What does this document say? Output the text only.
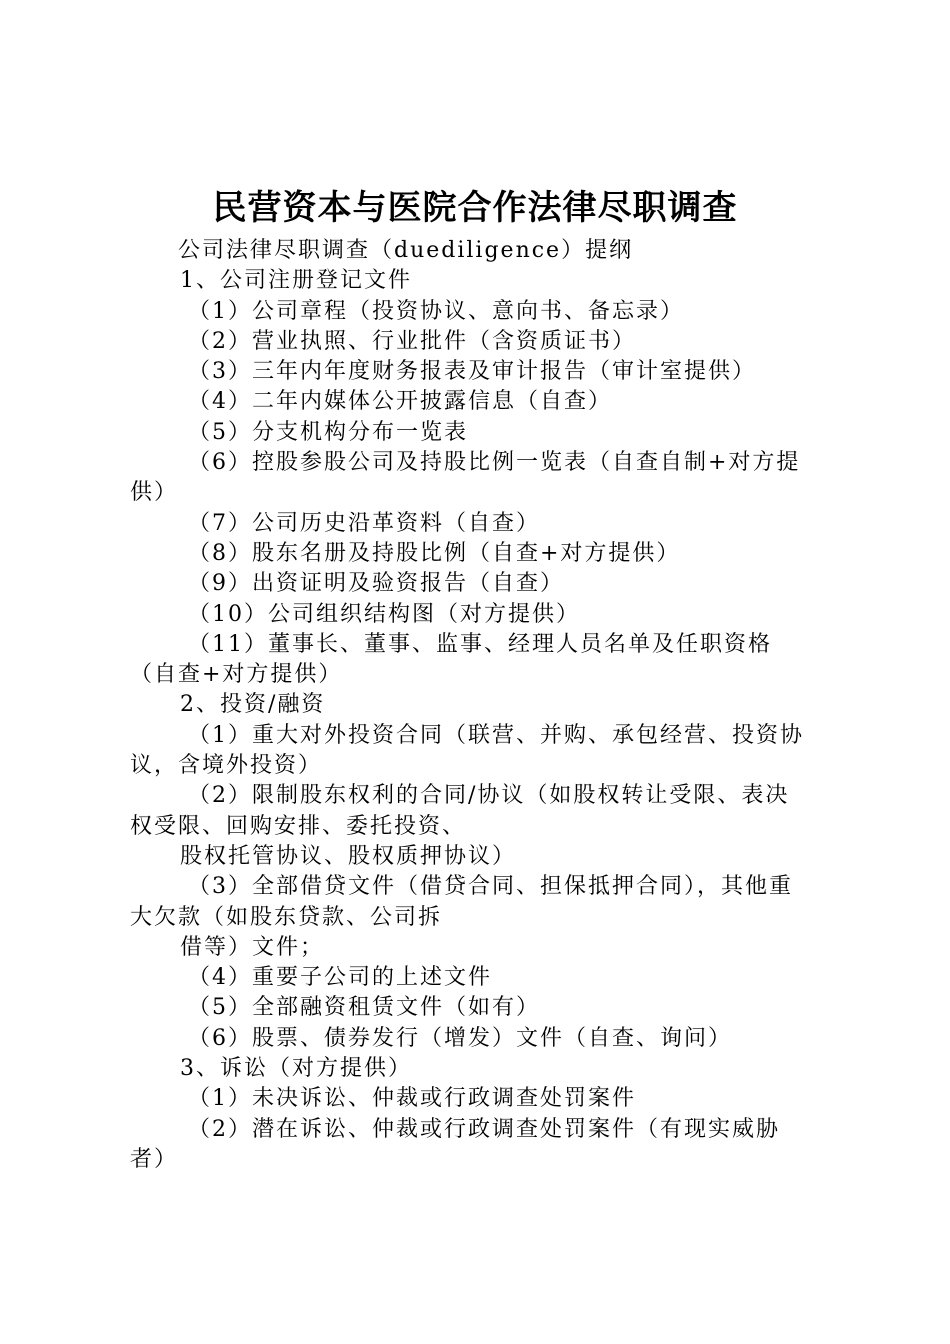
民营资本与医院合作法律尽职调查
公司法律尽职调查（duediligence）提纲
1、公司注册登记文件
（1）公司章程（投资协议、意向书、备忘录）
（2）营业执照、行业批件（含资质证书）
（3）三年内年度财务报表及审计报告（审计室提供）
（4）二年内媒体公开披露信息（自查）
（5）分支机构分布一览表
（6）控股参股公司及持股比例一览表（自查自制+对方提
供）
（7）公司历史沿革资料（自查）
（8）股东名册及持股比例（自查+对方提供）
（9）出资证明及验资报告（自查）
（10）公司组织结构图（对方提供）
（11）董事长、董事、监事、经理人员名单及任职资格
（自查+对方提供）
2、投资/融资
（1）重大对外投资合同（联营、并购、承包经营、投资协
议，含境外投资）
（2）限制股东权利的合同/协议（如股权转让受限、表决
权受限、回购安排、委托投资、
股权托管协议、股权质押协议）
（3）全部借贷文件（借贷合同、担保抵押合同），其他重
大欠款（如股东贷款、公司拆
借等）文件；
（4）重要子公司的上述文件
（5）全部融资租赁文件（如有）
（6）股票、债券发行（增发）文件（自查、询问）
3、诉讼（对方提供）
（1）未决诉讼、仲裁或行政调查处罚案件
（2）潜在诉讼、仲裁或行政调查处罚案件（有现实威胁
者）
